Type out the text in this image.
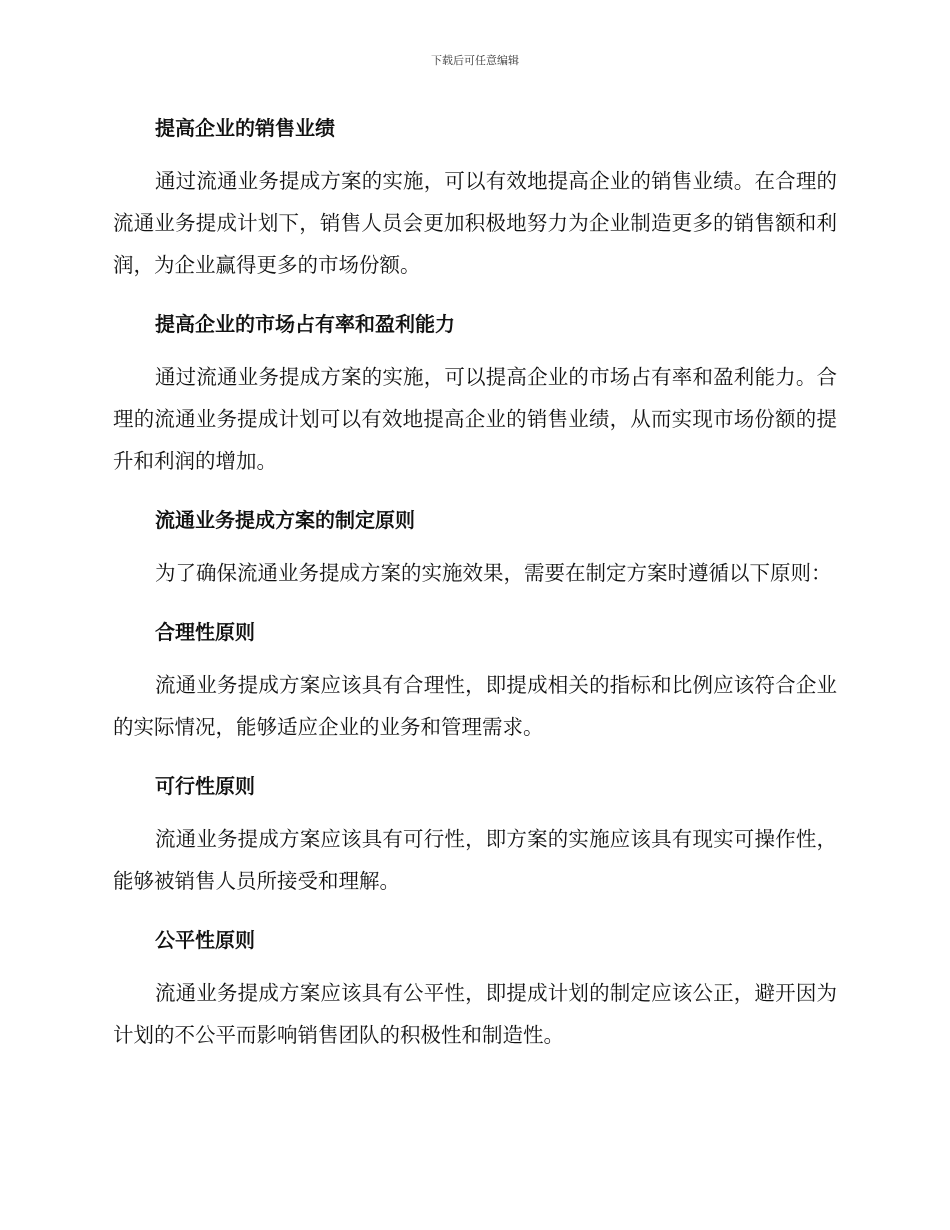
下载后可任意编辑
提高企业的销售业绩

通过流通业务提成方案的实施，可以有效地提高企业的销售业绩。在合理的流通业务提成计划下，销售人员会更加积极地努力为企业制造更多的销售额和利润，为企业赢得更多的市场份额。

提高企业的市场占有率和盈利能力

通过流通业务提成方案的实施，可以提高企业的市场占有率和盈利能力。合理的流通业务提成计划可以有效地提高企业的销售业绩，从而实现市场份额的提升和利润的增加。

流通业务提成方案的制定原则

为了确保流通业务提成方案的实施效果，需要在制定方案时遵循以下原则：

合理性原则

流通业务提成方案应该具有合理性，即提成相关的指标和比例应该符合企业的实际情况，能够适应企业的业务和管理需求。

可行性原则

流通业务提成方案应该具有可行性，即方案的实施应该具有现实可操作性，能够被销售人员所接受和理解。

公平性原则

流通业务提成方案应该具有公平性，即提成计划的制定应该公正，避开因为计划的不公平而影响销售团队的积极性和制造性。
